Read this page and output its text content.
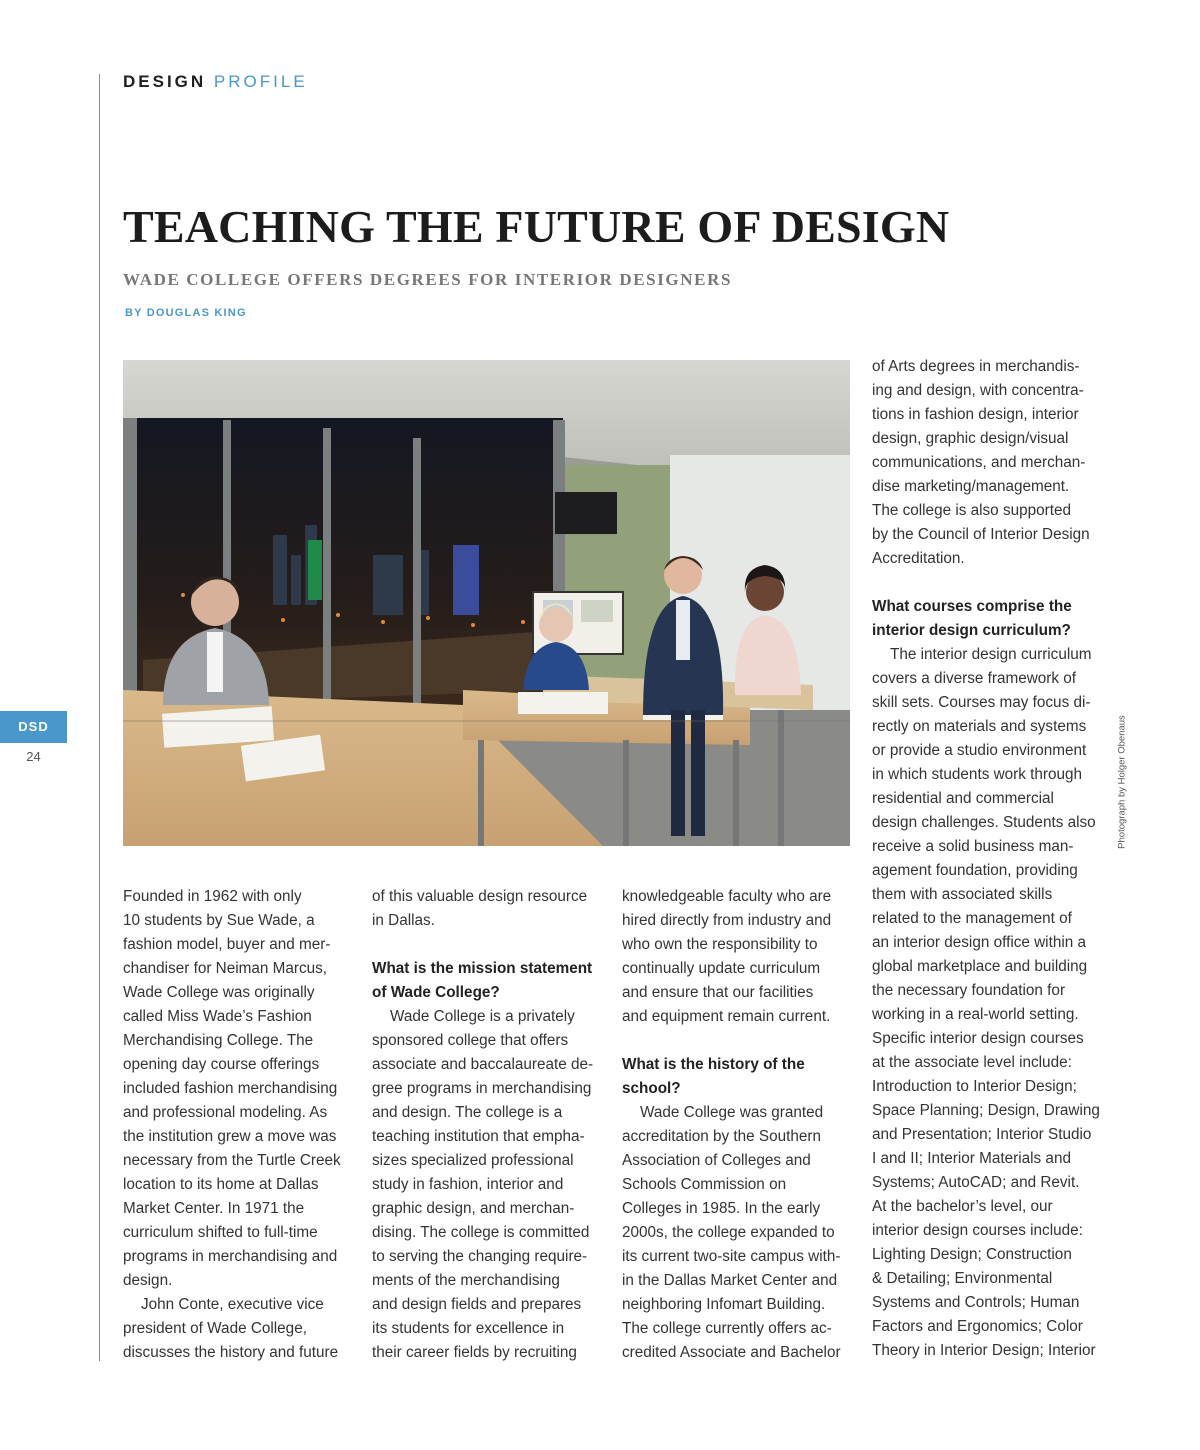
DESIGN PROFILE
TEACHING THE FUTURE OF DESIGN
WADE COLLEGE OFFERS DEGREES FOR INTERIOR DESIGNERS
BY DOUGLAS KING
Photograph by Holger Obenaus
DSD
24

Founded in 1962 with only
10 students by Sue Wade, a
fashion model, buyer and mer-
chandiser for Neiman Marcus,
Wade College was originally
called Miss Wade’s Fashion
Merchandising College. The
opening day course offerings
included fashion merchandising
and professional modeling. As
the institution grew a move was
necessary from the Turtle Creek
location to its home at Dallas
Market Center. In 1971 the
curriculum shifted to full-time
programs in merchandising and
design.

John Conte, executive vice
president of Wade College,
discusses the history and future

of this valuable design resource
in Dallas.

What is the mission statement
of Wade College?

Wade College is a privately
sponsored college that offers
associate and baccalaureate de-
gree programs in merchandising
and design. The college is a
teaching institution that empha-
sizes specialized professional
study in fashion, interior and
graphic design, and merchan-
dising. The college is committed
to serving the changing require-
ments of the merchandising
and design fields and prepares
its students for excellence in
their career fields by recruiting

knowledgeable faculty who are
hired directly from industry and
who own the responsibility to
continually update curriculum
and ensure that our facilities
and equipment remain current.

What is the history of the
school?

Wade College was granted
accreditation by the Southern
Association of Colleges and
Schools Commission on
Colleges in 1985. In the early
2000s, the college expanded to
its current two-site campus with-
in the Dallas Market Center and
neighboring Infomart Building.
The college currently offers ac-
credited Associate and Bachelor

of Arts degrees in merchandis-
ing and design, with concentra-
tions in fashion design, interior
design, graphic design/visual
communications, and merchan-
dise marketing/management.
The college is also supported
by the Council of Interior Design
Accreditation.

What courses comprise the
interior design curriculum?

The interior design curriculum
covers a diverse framework of
skill sets. Courses may focus di-
rectly on materials and systems
or provide a studio environment
in which students work through
residential and commercial
design challenges. Students also
receive a solid business man-
agement foundation, providing
them with associated skills
related to the management of
an interior design office within a
global marketplace and building
the necessary foundation for
working in a real-world setting.
Specific interior design courses
at the associate level include:
Introduction to Interior Design;
Space Planning; Design, Drawing
and Presentation; Interior Studio
I and II; Interior Materials and
Systems; AutoCAD; and Revit.
At the bachelor’s level, our
interior design courses include:
Lighting Design; Construction
& Detailing; Environmental
Systems and Controls; Human
Factors and Ergonomics; Color
Theory in Interior Design; Interior
